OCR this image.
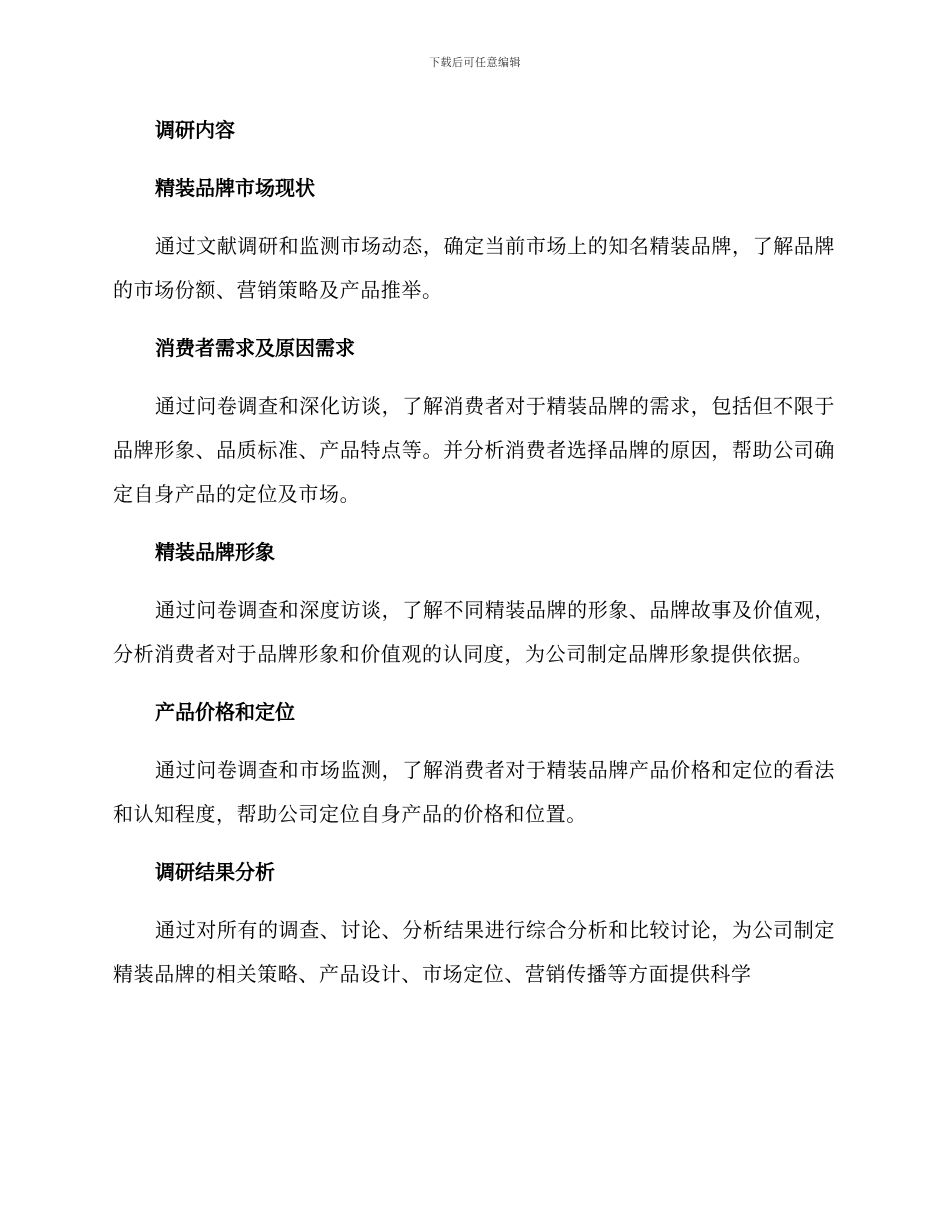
下载后可任意编辑
调研内容
精装品牌市场现状

通过文献调研和监测市场动态，确定当前市场上的知名精装品牌，了解品牌的市场份额、营销策略及产品推举。

消费者需求及原因需求

通过问卷调查和深化访谈，了解消费者对于精装品牌的需求，包括但不限于品牌形象、品质标准、产品特点等。并分析消费者选择品牌的原因，帮助公司确定自身产品的定位及市场。

精装品牌形象

通过问卷调查和深度访谈，了解不同精装品牌的形象、品牌故事及价值观，分析消费者对于品牌形象和价值观的认同度，为公司制定品牌形象提供依据。

产品价格和定位

通过问卷调查和市场监测，了解消费者对于精装品牌产品价格和定位的看法和认知程度，帮助公司定位自身产品的价格和位置。

调研结果分析

通过对所有的调查、讨论、分析结果进行综合分析和比较讨论，为公司制定精装品牌的相关策略、产品设计、市场定位、营销传播等方面提供科学
